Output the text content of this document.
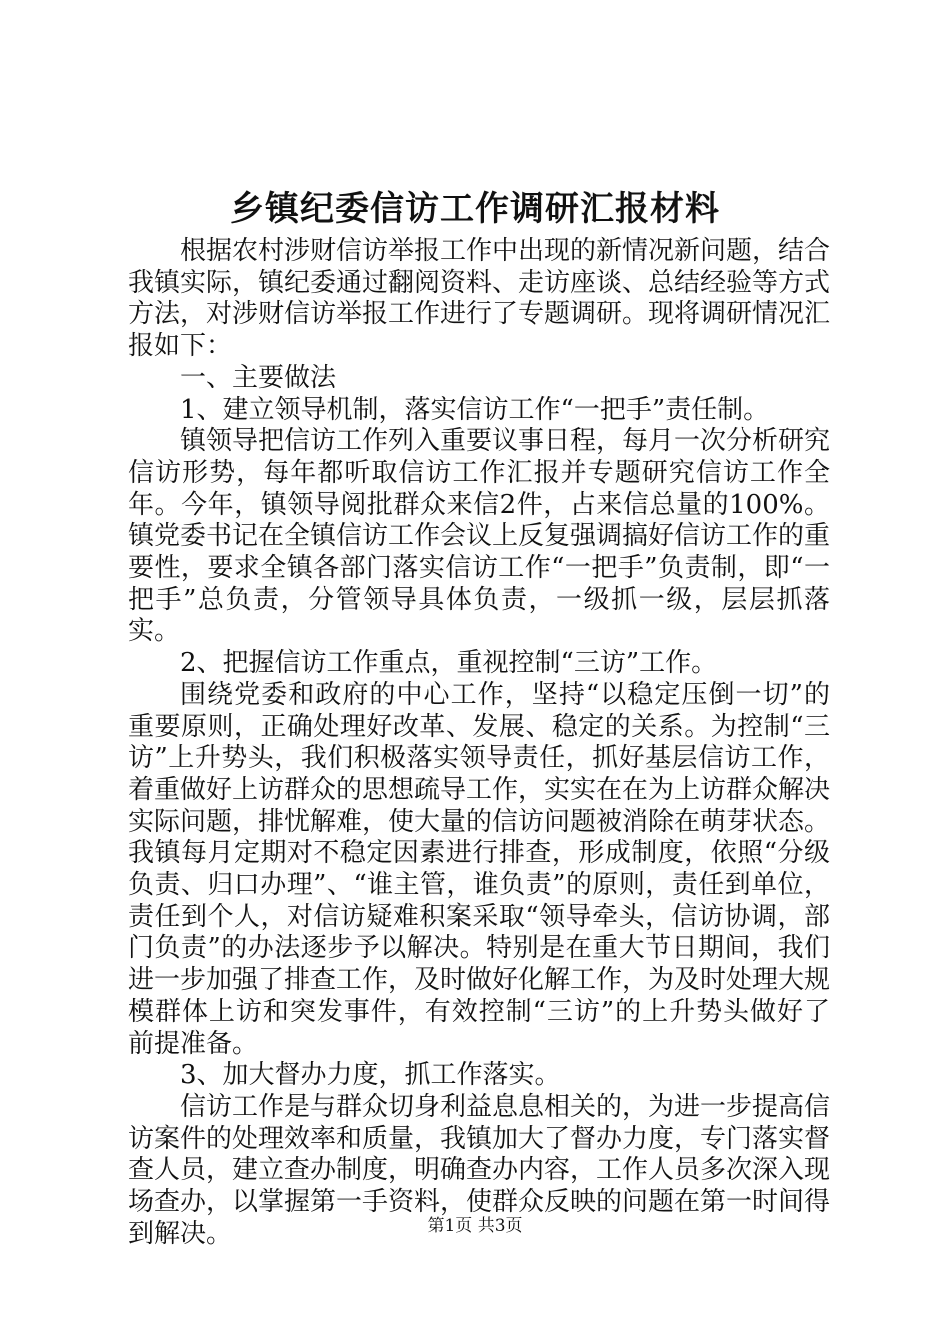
乡镇纪委信访工作调研汇报材料

根据农村涉财信访举报工作中出现的新情况新问题，结合我镇实际，镇纪委通过翻阅资料、走访座谈、总结经验等方式方法，对涉财信访举报工作进行了专题调研。现将调研情况汇报如下：

一、主要做法

1、建立领导机制，落实信访工作“一把手”责任制。

镇领导把信访工作列入重要议事日程，每月一次分析研究信访形势，每年都听取信访工作汇报并专题研究信访工作全年。今年，镇领导阅批群众来信2件，占来信总量的100%。镇党委书记在全镇信访工作会议上反复强调搞好信访工作的重要性，要求全镇各部门落实信访工作“一把手”负责制，即“一把手”总负责，分管领导具体负责，一级抓一级，层层抓落实。

2、把握信访工作重点，重视控制“三访”工作。

围绕党委和政府的中心工作，坚持“以稳定压倒一切”的重要原则，正确处理好改革、发展、稳定的关系。为控制“三访”上升势头，我们积极落实领导责任，抓好基层信访工作，着重做好上访群众的思想疏导工作，实实在在为上访群众解决实际问题，排忧解难，使大量的信访问题被消除在萌芽状态。我镇每月定期对不稳定因素进行排查，形成制度，依照“分级负责、归口办理”、“谁主管，谁负责”的原则，责任到单位，责任到个人，对信访疑难积案采取“领导牵头，信访协调，部门负责”的办法逐步予以解决。特别是在重大节日期间，我们进一步加强了排查工作，及时做好化解工作，为及时处理大规模群体上访和突发事件，有效控制“三访”的上升势头做好了前提准备。

3、加大督办力度，抓工作落实。

信访工作是与群众切身利益息息相关的，为进一步提高信访案件的处理效率和质量，我镇加大了督办力度，专门落实督查人员，建立查办制度，明确查办内容，工作人员多次深入现场查办，以掌握第一手资料，使群众反映的问题在第一时间得到解决。	第1页 共3页
